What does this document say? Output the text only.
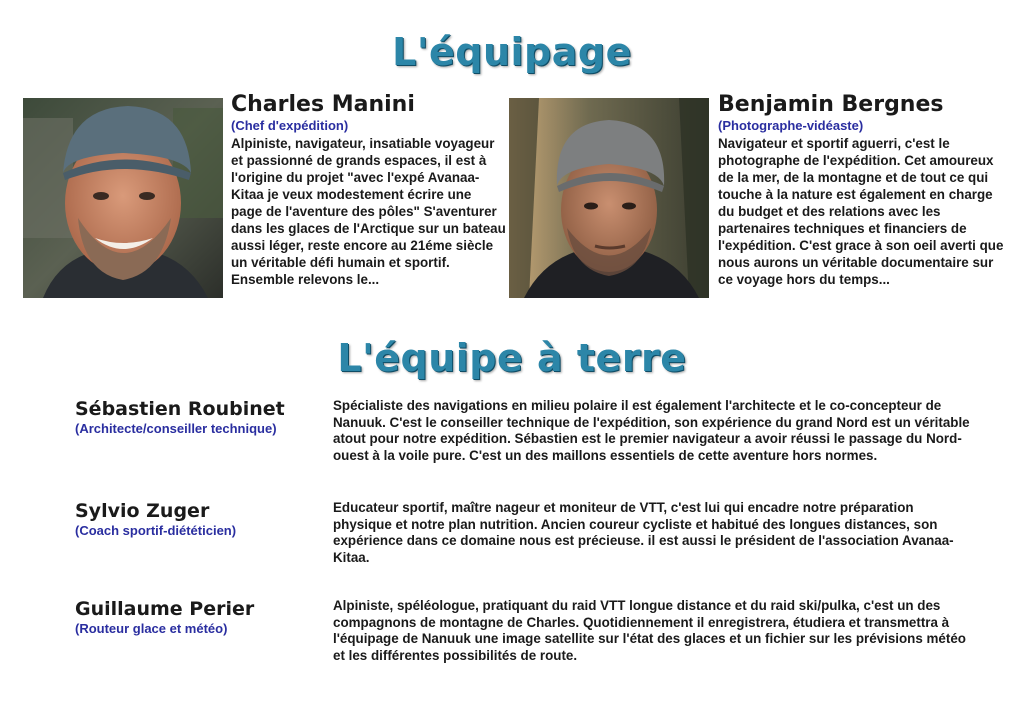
L'équipage
Charles Manini
(Chef d'expédition)
Alpiniste, navigateur, insatiable voyageur et passionné de grands espaces, il est à l'origine du projet "avec l'expé Avanaa-Kitaa je veux modestement écrire une page de l'aventure des pôles" S'aventurer dans les glaces de l'Arctique sur un bateau aussi léger, reste encore au 21éme siècle un véritable défi humain et sportif. Ensemble relevons le...
Benjamin Bergnes
(Photographe-vidéaste)
Navigateur et sportif aguerri, c'est le photographe de l'expédition. Cet amoureux de la mer, de la montagne et de tout ce qui touche à la nature est également en charge du budget et des relations avec les partenaires techniques et financiers de l'expédition. C'est grace à son oeil averti que nous aurons un véritable documentaire sur ce voyage hors du temps...
L'équipe à terre
Sébastien Roubinet
(Architecte/conseiller technique)
Spécialiste des navigations en milieu polaire il est également l'architecte et le co-concepteur de Nanuuk. C'est le conseiller technique de l'expédition, son expérience du grand Nord est un véritable atout pour notre expédition. Sébastien est le premier navigateur a avoir réussi le passage du Nord-ouest à la voile pure. C'est un des maillons essentiels de cette aventure hors normes.
Sylvio Zuger
(Coach sportif-diététicien)
Educateur sportif, maître nageur et moniteur de VTT, c'est lui qui encadre notre préparation physique et notre plan nutrition. Ancien coureur cycliste et habitué des longues distances, son expérience dans ce domaine nous est précieuse. il est aussi le président de l'association Avanaa-Kitaa.
Guillaume Perier
(Routeur glace et météo)
Alpiniste, spéléologue, pratiquant du raid VTT longue distance et du raid ski/pulka, c'est un des compagnons de montagne de Charles. Quotidiennement il enregistrera, étudiera et transmettra à l'équipage de Nanuuk une image satellite sur l'état des glaces et un fichier sur les prévisions météo et les différentes possibilités de route.
